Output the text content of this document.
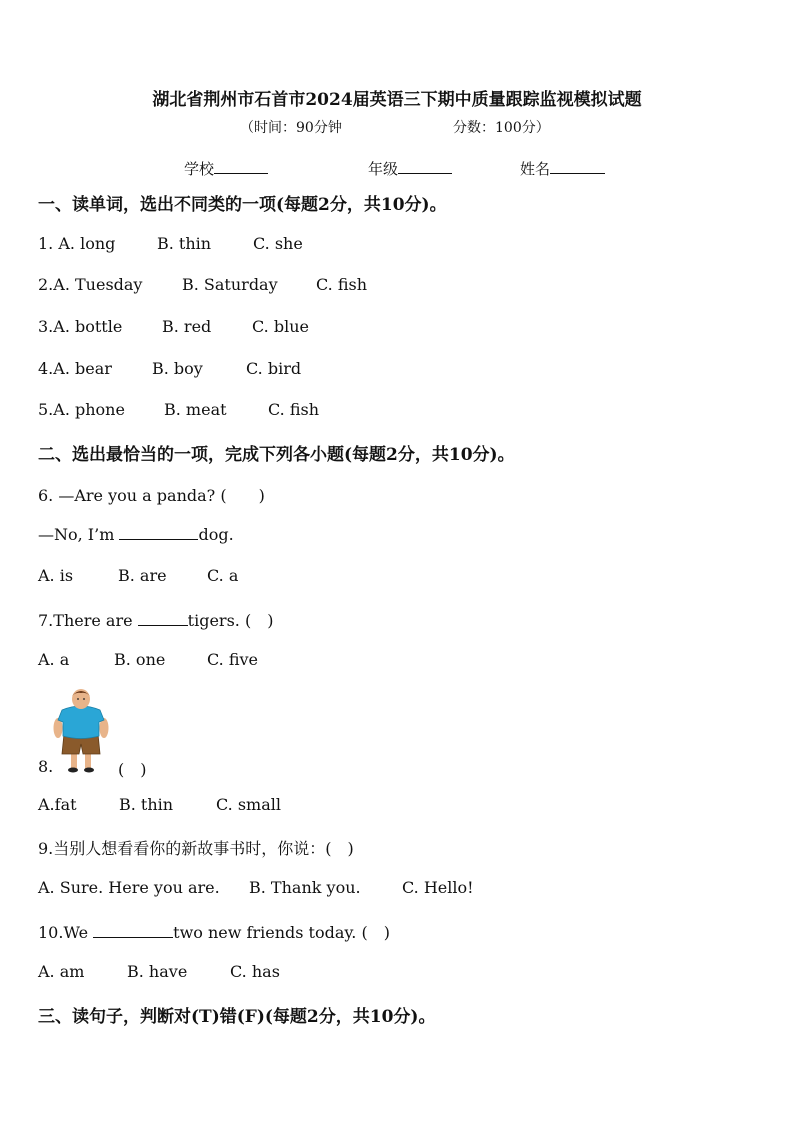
湖北省荆州市石首市2024届英语三下期中质量跟踪监视模拟试题
（时间：90分钟	分数：100分）
学校	年级	姓名
一、读单词，选出不同类的一项(每题2分，共10分)。
1. A. long	B. thin	C. she
2.A. Tuesday B. Saturday C. fish
3.A. bottle B. red	C. blue
4.A. bear	B. boy	C. bird
5.A. phone B. meat	C. fish
二、选出最恰当的一项，完成下列各小题(每题2分，共10分)。
6. —Are you a panda? (　　)
—No, I’m	dog.
A. is	B. are	C. a
7.There are	tigers. (　)
A. a	B. one	C. five
8.	(　)
A.fat	B. thin	C. small
9.当别人想看看你的新故事书时，你说：(　)
A. Sure. Here you are. B. Thank you.	C. Hello!
10.We	two new friends today. (　)
A. am	B. have	C. has
三、读句子，判断对(T)错(F)(每题2分，共10分)。
